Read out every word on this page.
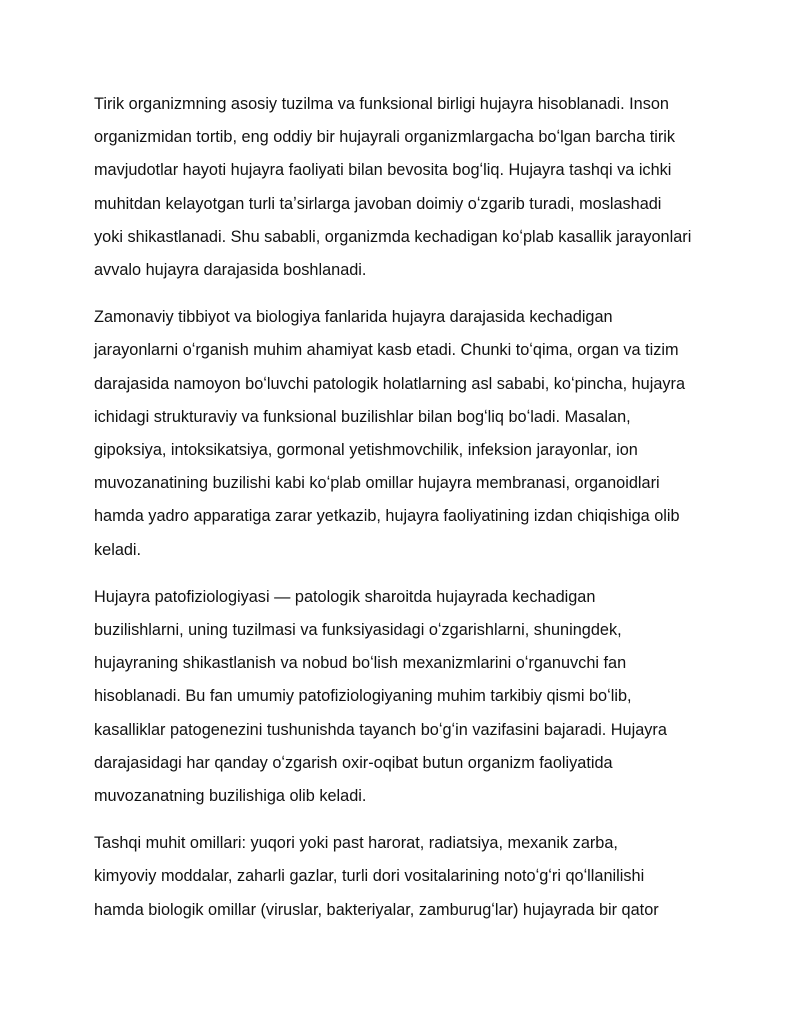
Tirik organizmning asosiy tuzilma va funksional birligi hujayra hisoblanadi. Inson
organizmidan tortib, eng oddiy bir hujayrali organizmlargacha boʻlgan barcha tirik
mavjudotlar hayoti hujayra faoliyati bilan bevosita bogʻliq. Hujayra tashqi va ichki
muhitdan kelayotgan turli taʼsirlarga javoban doimiy oʻzgarib turadi, moslashadi
yoki shikastlanadi. Shu sababli, organizmda kechadigan koʻplab kasallik jarayonlari
avvalo hujayra darajasida boshlanadi.

Zamonaviy tibbiyot va biologiya fanlarida hujayra darajasida kechadigan
jarayonlarni oʻrganish muhim ahamiyat kasb etadi. Chunki toʻqima, organ va tizim
darajasida namoyon boʻluvchi patologik holatlarning asl sababi, koʻpincha, hujayra
ichidagi strukturaviy va funksional buzilishlar bilan bogʻliq boʻladi. Masalan,
gipoksiya, intoksikatsiya, gormonal yetishmovchilik, infeksion jarayonlar, ion
muvozanatining buzilishi kabi koʻplab omillar hujayra membranasi, organoidlari
hamda yadro apparatiga zarar yetkazib, hujayra faoliyatining izdan chiqishiga olib
keladi.

Hujayra patofiziologiyasi — patologik sharoitda hujayrada kechadigan
buzilishlarni, uning tuzilmasi va funksiyasidagi oʻzgarishlarni, shuningdek,
hujayraning shikastlanish va nobud boʻlish mexanizmlarini oʻrganuvchi fan
hisoblanadi. Bu fan umumiy patofiziologiyaning muhim tarkibiy qismi boʻlib,
kasalliklar patogenezini tushunishda tayanch boʻgʻin vazifasini bajaradi. Hujayra
darajasidagi har qanday oʻzgarish oxir-oqibat butun organizm faoliyatida
muvozanatning buzilishiga olib keladi.

Tashqi muhit omillari: yuqori yoki past harorat, radiatsiya, mexanik zarba,
kimyoviy moddalar, zaharli gazlar, turli dori vositalarining notoʻgʻri qoʻllanilishi
hamda biologik omillar (viruslar, bakteriyalar, zamburugʻlar) hujayrada bir qator
